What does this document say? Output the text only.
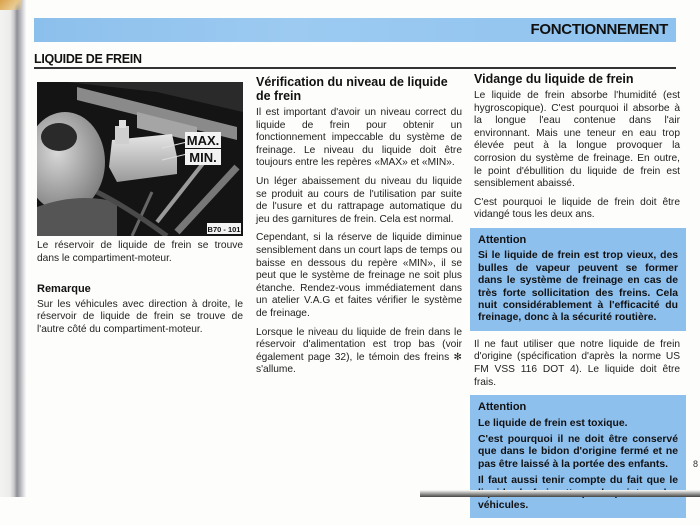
FONCTIONNEMENT
LIQUIDE DE FREIN
MAX.
MIN.
B70 - 101

Le réservoir de liquide de frein se trouve dans le compartiment-moteur.

Remarque

Sur les véhicules avec direction à droite, le réservoir de liquide de frein se trouve de l'autre côté du compartiment-moteur.

Vérification du niveau de liquide de frein

Il est important d'avoir un niveau correct du liquide de frein pour obtenir un fonctionnement impeccable du système de freinage. Le niveau du liquide doit être toujours entre les repères «MAX» et «MIN».

Un léger abaissement du niveau du liquide se produit au cours de l'utilisation par suite de l'usure et du rattrapage automatique du jeu des garnitures de frein. Cela est normal.

Cependant, si la réserve de liquide diminue sensiblement dans un court laps de temps ou baisse en dessous du repère «MIN», il se peut que le système de freinage ne soit plus étanche. Rendez-vous immédiatement dans un atelier V.A.G et faites vérifier le système de freinage.

Lorsque le niveau du liquide de frein dans le réservoir d'alimentation est trop bas (voir également page 32), le témoin des freins ✻ s'allume.

Vidange du liquide de frein

Le liquide de frein absorbe l'humidité (est hygroscopique). C'est pourquoi il absorbe à la longue l'eau contenue dans l'air environnant. Mais une teneur en eau trop élevée peut à la longue provoquer la corrosion du système de freinage. En outre, le point d'ébullition du liquide de frein est sensiblement abaissé.

C'est pourquoi le liquide de frein doit être vidangé tous les deux ans.

Attention

Si le liquide de frein est trop vieux, des bulles de vapeur peuvent se former dans le système de freinage en cas de très forte sollicitation des freins. Cela nuit considérablement à l'efficacité du freinage, donc à la sécurité routière.

Il ne faut utiliser que notre liquide de frein d'origine (spécification d'après la norme US FM VSS 116 DOT 4). Le liquide doit être frais.

Attention

Le liquide de frein est toxique.

C'est pourquoi il ne doit être conservé que dans le bidon d'origine fermé et ne pas être laissé à la portée des enfants.

Il faut aussi tenir compte du fait que le véhicules.

8
